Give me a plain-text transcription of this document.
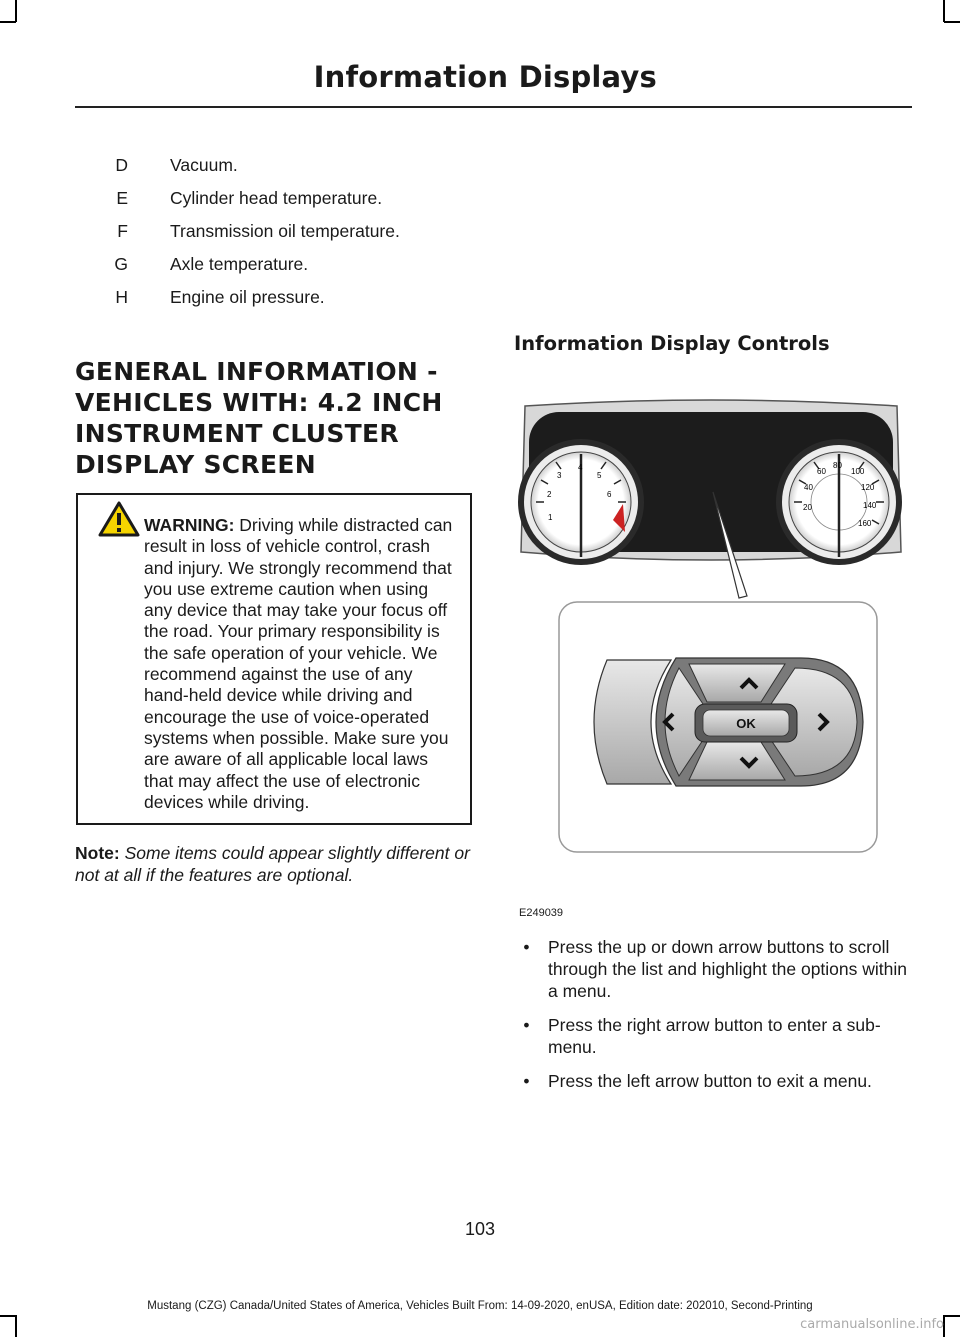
Information Displays
D Vacuum.
E Cylinder head temperature.
F Transmission oil temperature.
G Axle temperature.
H Engine oil pressure.
GENERAL INFORMATION - VEHICLES WITH: 4.2 INCH INSTRUMENT CLUSTER DISPLAY SCREEN
WARNING: Driving while distracted can result in loss of vehicle control, crash and injury. We strongly recommend that you use extreme caution when using any device that may take your focus off the road. Your primary responsibility is the safe operation of your vehicle. We recommend against the use of any hand-held device while driving and encourage the use of voice-operated systems when possible. Make sure you are aware of all applicable local laws that may affect the use of electronic devices while driving.
Note: Some items could appear slightly different or not at all if the features are optional.
Information Display Controls
1
2
3
4
5
6
20
40
60
80
100
120
140
160
OK
E249039
•	Press the up or down arrow buttons to scroll through the list and highlight the options within a menu.
•	Press the right arrow button to enter a sub-menu.
•	Press the left arrow button to exit a menu.
103
Mustang (CZG) Canada/United States of America, Vehicles Built From: 14-09-2020, enUSA, Edition date: 202010, Second-Printing
carmanualsonline.info
